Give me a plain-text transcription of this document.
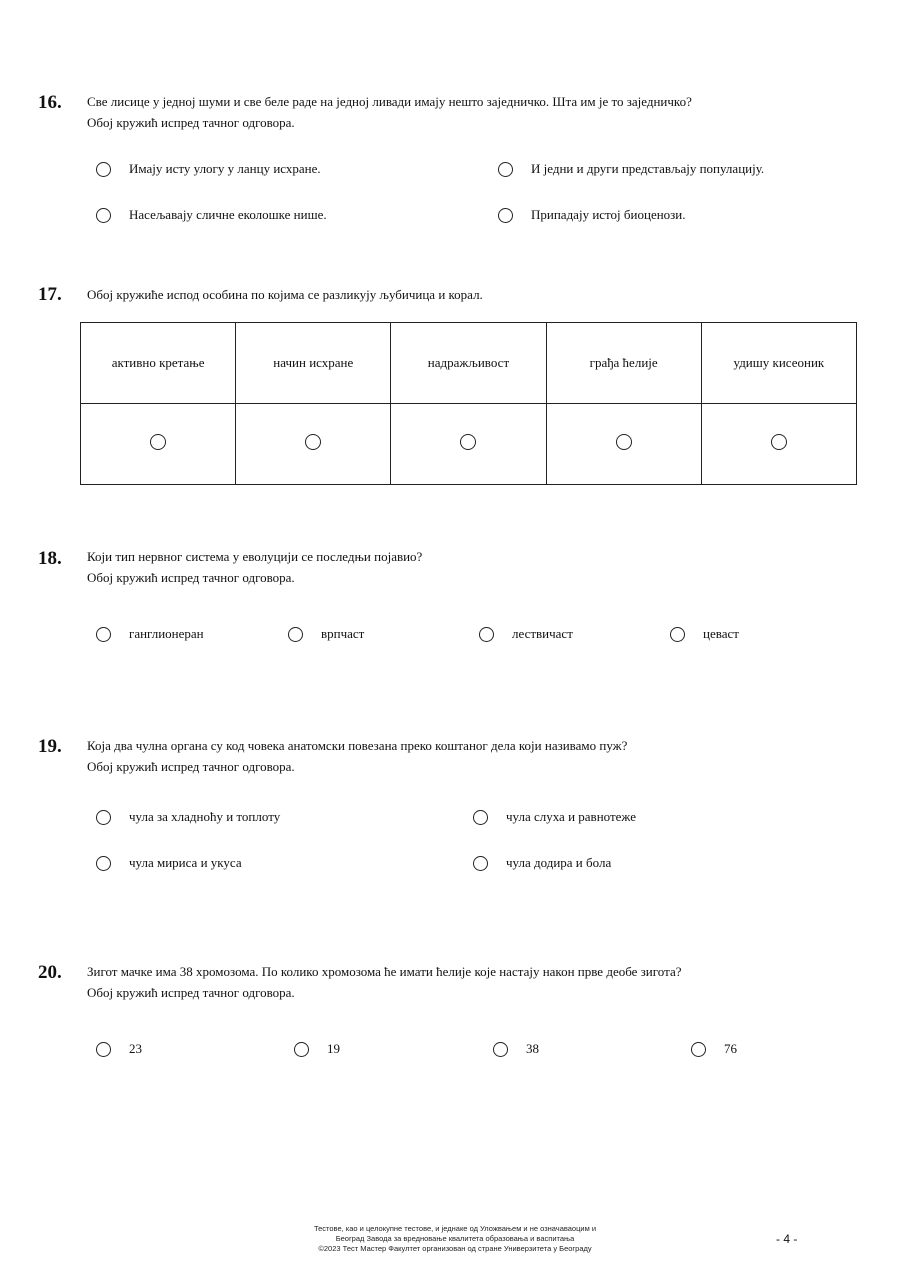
16. Све лисице у једној шуми и све беле раде на једној ливади имају нешто заједничко. Шта им је то заједничко?
Обој кружић испред тачног одговора.
Имају исту улогу у ланцу исхране.	И једни и други представљају популацију.
Насељавају сличне еколошке нише.	Припадају истој биоценози.
17. Обој кружиће испод особина по којима се разликују љубичица и корал.
активно кретање	начин исхране	надражљивост	грађа ћелије	удишу кисеоник

18. Који тип нервног система у еволуцији се последњи појавио?
Обој кружић испред тачног одговора.
ганглионеран	врпчаст	лествичаст	цеваст
19. Која два чулна органа су код човека анатомски повезана преко коштаног дела који називамо пуж?
Обој кружић испред тачног одговора.
чула за хладноћу и топлоту	чула слуха и равнотеже
чула мириса и укуса	чула додира и бола
20. Зигот мачке има 38 хромозома. По колико хромозома ће имати ћелије које настају након прве деобе зигота?
Обој кружић испред тачног одговора.
23	19	38	76
Тестове, као и целокупне тестове, и једнаке од Уложвањем и не означаваоцим и
Београд Завода за вредновање квалитета образовања и васпитања
©2023 Тест Мастер Факултет организован од стране Универзитета у Београду
- 4 -
